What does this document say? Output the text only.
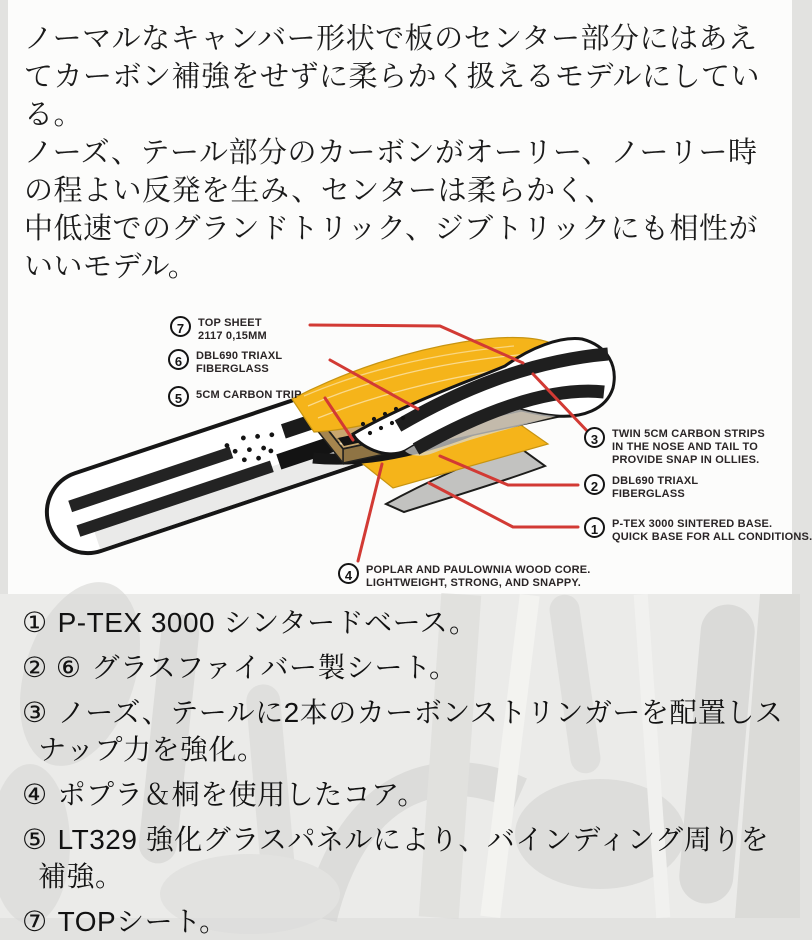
ノーマルなキャンバー形状で板のセンター部分にはあえてカーボン補強をせずに柔らかく扱えるモデルにしている。

ノーズ、テール部分のカーボンがオーリー、ノーリー時の程よい反発を生み、センターは柔らかく、

中低速でのグランドトリック、ジブトリックにも相性がいいモデル。

7	TOP SHEET
2117 0,15MM
6	DBL690 TRIAXL
FIBERGLASS
5	5CM CARBON TRIP
3	TWIN 5CM CARBON STRIPS
IN THE NOSE AND TAIL TO
PROVIDE SNAP IN OLLIES.
2	DBL690 TRIAXL
FIBERGLASS
1	P-TEX 3000 SINTERED BASE.
QUICK BASE FOR ALL CONDITIONS.
4	POPLAR AND PAULOWNIA WOOD CORE.
LIGHTWEIGHT, STRONG, AND SNAPPY.
① P-TEX 3000 シンタードベース。
② ⑥ グラスファイバー製シート。
③ ノーズ、テールに2本のカーボンストリンガーを配置しスナップ力を強化。
④ ポプラ＆桐を使用したコア。
⑤ LT329 強化グラスパネルにより、バインディング周りを補強。
⑦ TOPシート。
